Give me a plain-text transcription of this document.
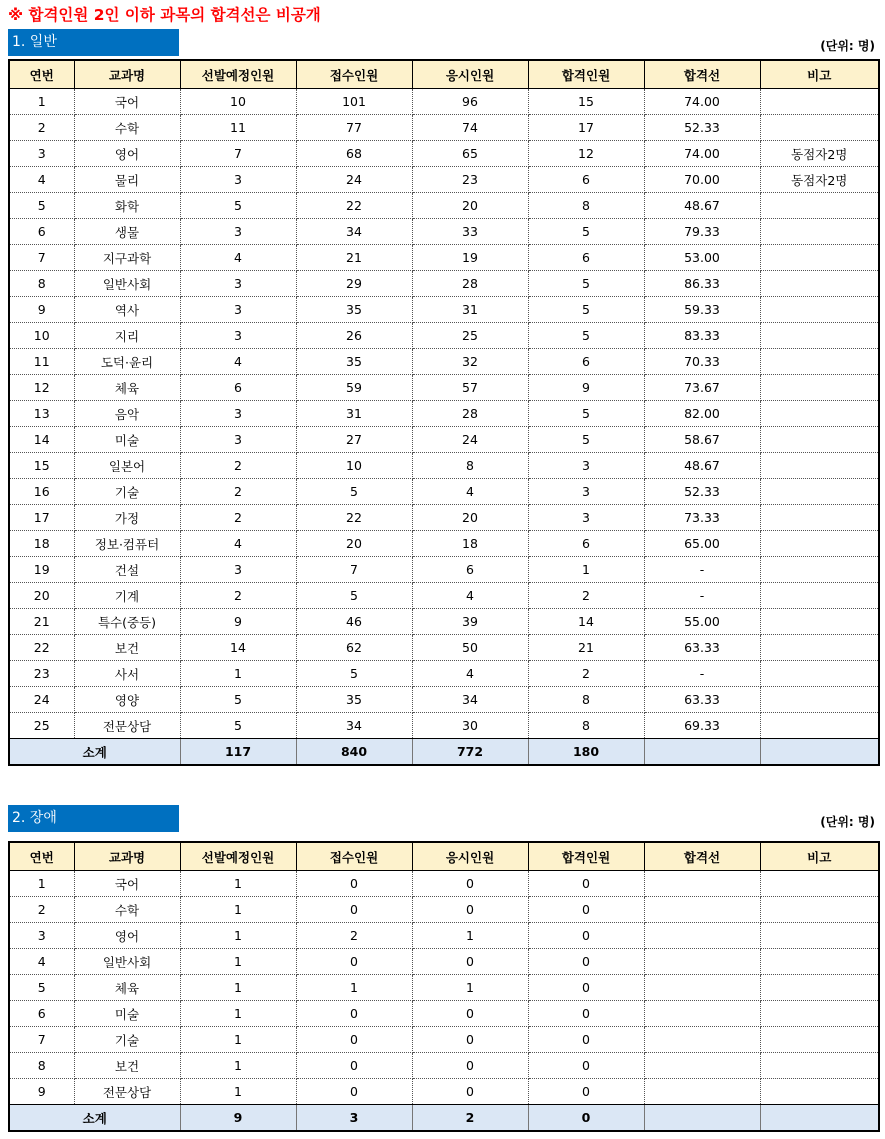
※ 합격인원 2인 이하 과목의 합격선은 비공개
1. 일반	(단위: 명)
연번	교과명	선발예정인원	접수인원	응시인원	합격인원	합격선	비고
1	국어	10	101	96	15	74.00	
2	수학	11	77	74	17	52.33	
3	영어	7	68	65	12	74.00	동점자2명
4	물리	3	24	23	6	70.00	동점자2명
5	화학	5	22	20	8	48.67	
6	생물	3	34	33	5	79.33	
7	지구과학	4	21	19	6	53.00	
8	일반사회	3	29	28	5	86.33	
9	역사	3	35	31	5	59.33	
10	지리	3	26	25	5	83.33	
11	도덕·윤리	4	35	32	6	70.33	
12	체육	6	59	57	9	73.67	
13	음악	3	31	28	5	82.00	
14	미술	3	27	24	5	58.67	
15	일본어	2	10	8	3	48.67	
16	기술	2	5	4	3	52.33	
17	가정	2	22	20	3	73.33	
18	정보·컴퓨터	4	20	18	6	65.00	
19	건설	3	7	6	1	-	
20	기계	2	5	4	2	-	
21	특수(중등)	9	46	39	14	55.00	
22	보건	14	62	50	21	63.33	
23	사서	1	5	4	2	-	
24	영양	5	35	34	8	63.33	
25	전문상담	5	34	30	8	69.33	
소계		117	840	772	180		
2. 장애	(단위: 명)
연번	교과명	선발예정인원	접수인원	응시인원	합격인원	합격선	비고
1	국어	1	0	0	0		
2	수학	1	0	0	0		
3	영어	1	2	1	0		
4	일반사회	1	0	0	0		
5	체육	1	1	1	0		
6	미술	1	0	0	0		
7	기술	1	0	0	0		
8	보건	1	0	0	0		
9	전문상담	1	0	0	0		
소계		9	3	2	0		
